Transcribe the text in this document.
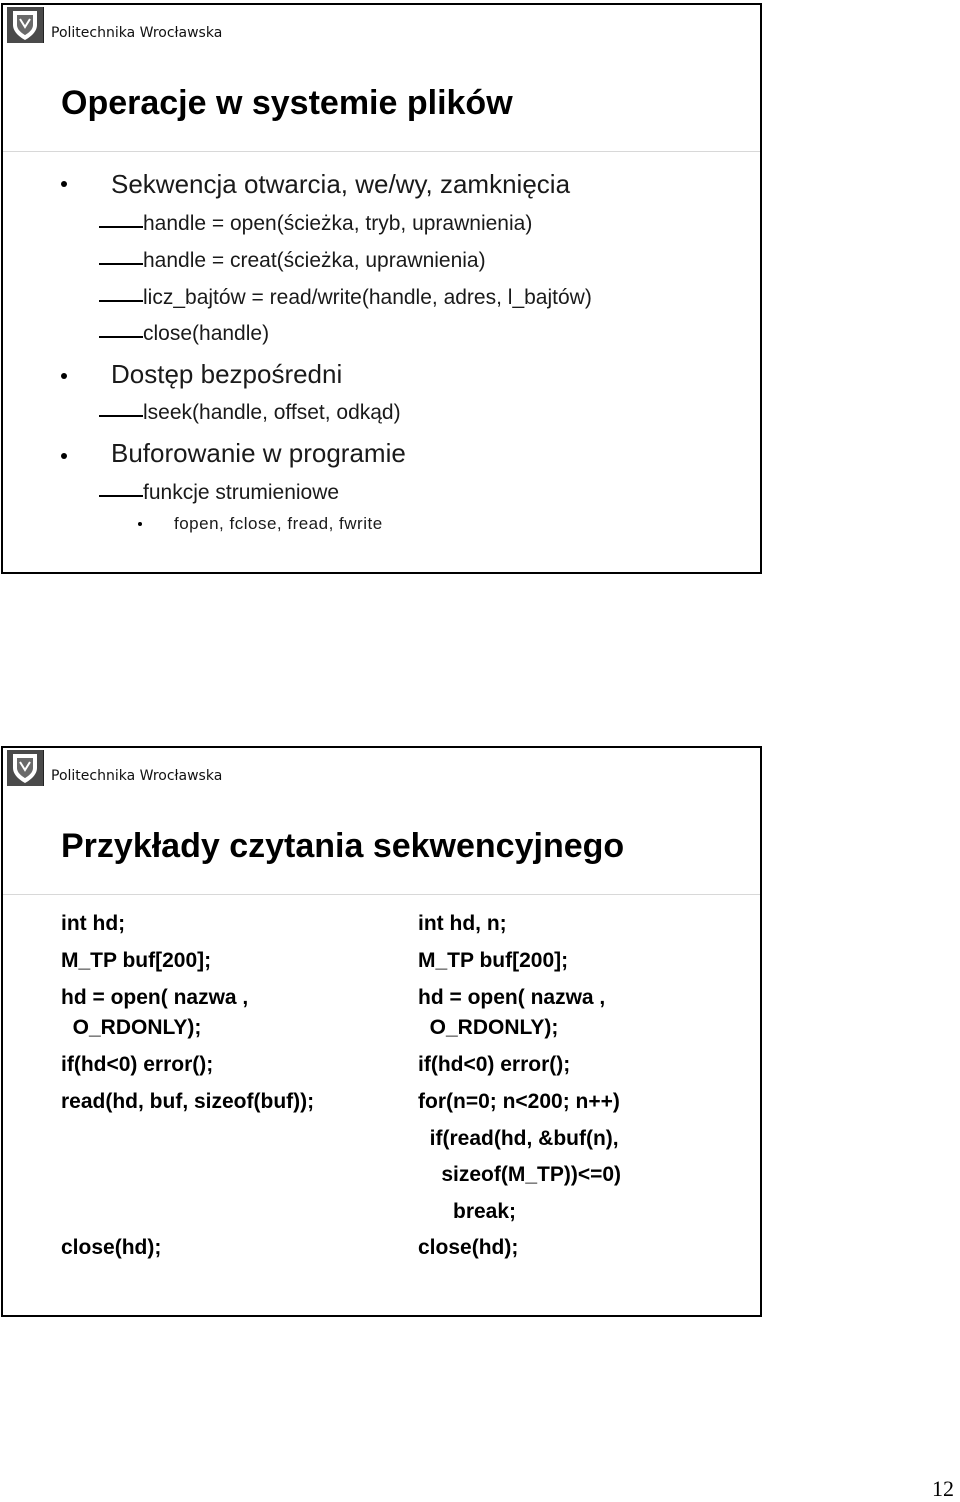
Politechnika Wrocławska
Operacje w systemie plików
Sekwencja otwarcia, we/wy, zamknięcia
handle = open(ścieżka, tryb, uprawnienia)
handle = creat(ścieżka, uprawnienia)
licz_bajtów = read/write(handle, adres, l_bajtów)
close(handle)
Dostęp bezpośredni
lseek(handle, offset, odkąd)
Buforowanie w programie
funkcje strumieniowe
fopen, fclose, fread, fwrite
Politechnika Wrocławska
Przykłady czytania sekwencyjnego
int hd;
M_TP buf[200];
hd = open( nazwa ,
O_RDONLY);
if(hd<0) error();
read(hd, buf, sizeof(buf));
close(hd);
int hd, n;
M_TP buf[200];
hd = open( nazwa ,
O_RDONLY);
if(hd<0) error();
for(n=0; n<200; n++)
if(read(hd, &buf(n),
sizeof(M_TP))<=0)
break;
close(hd);
12
